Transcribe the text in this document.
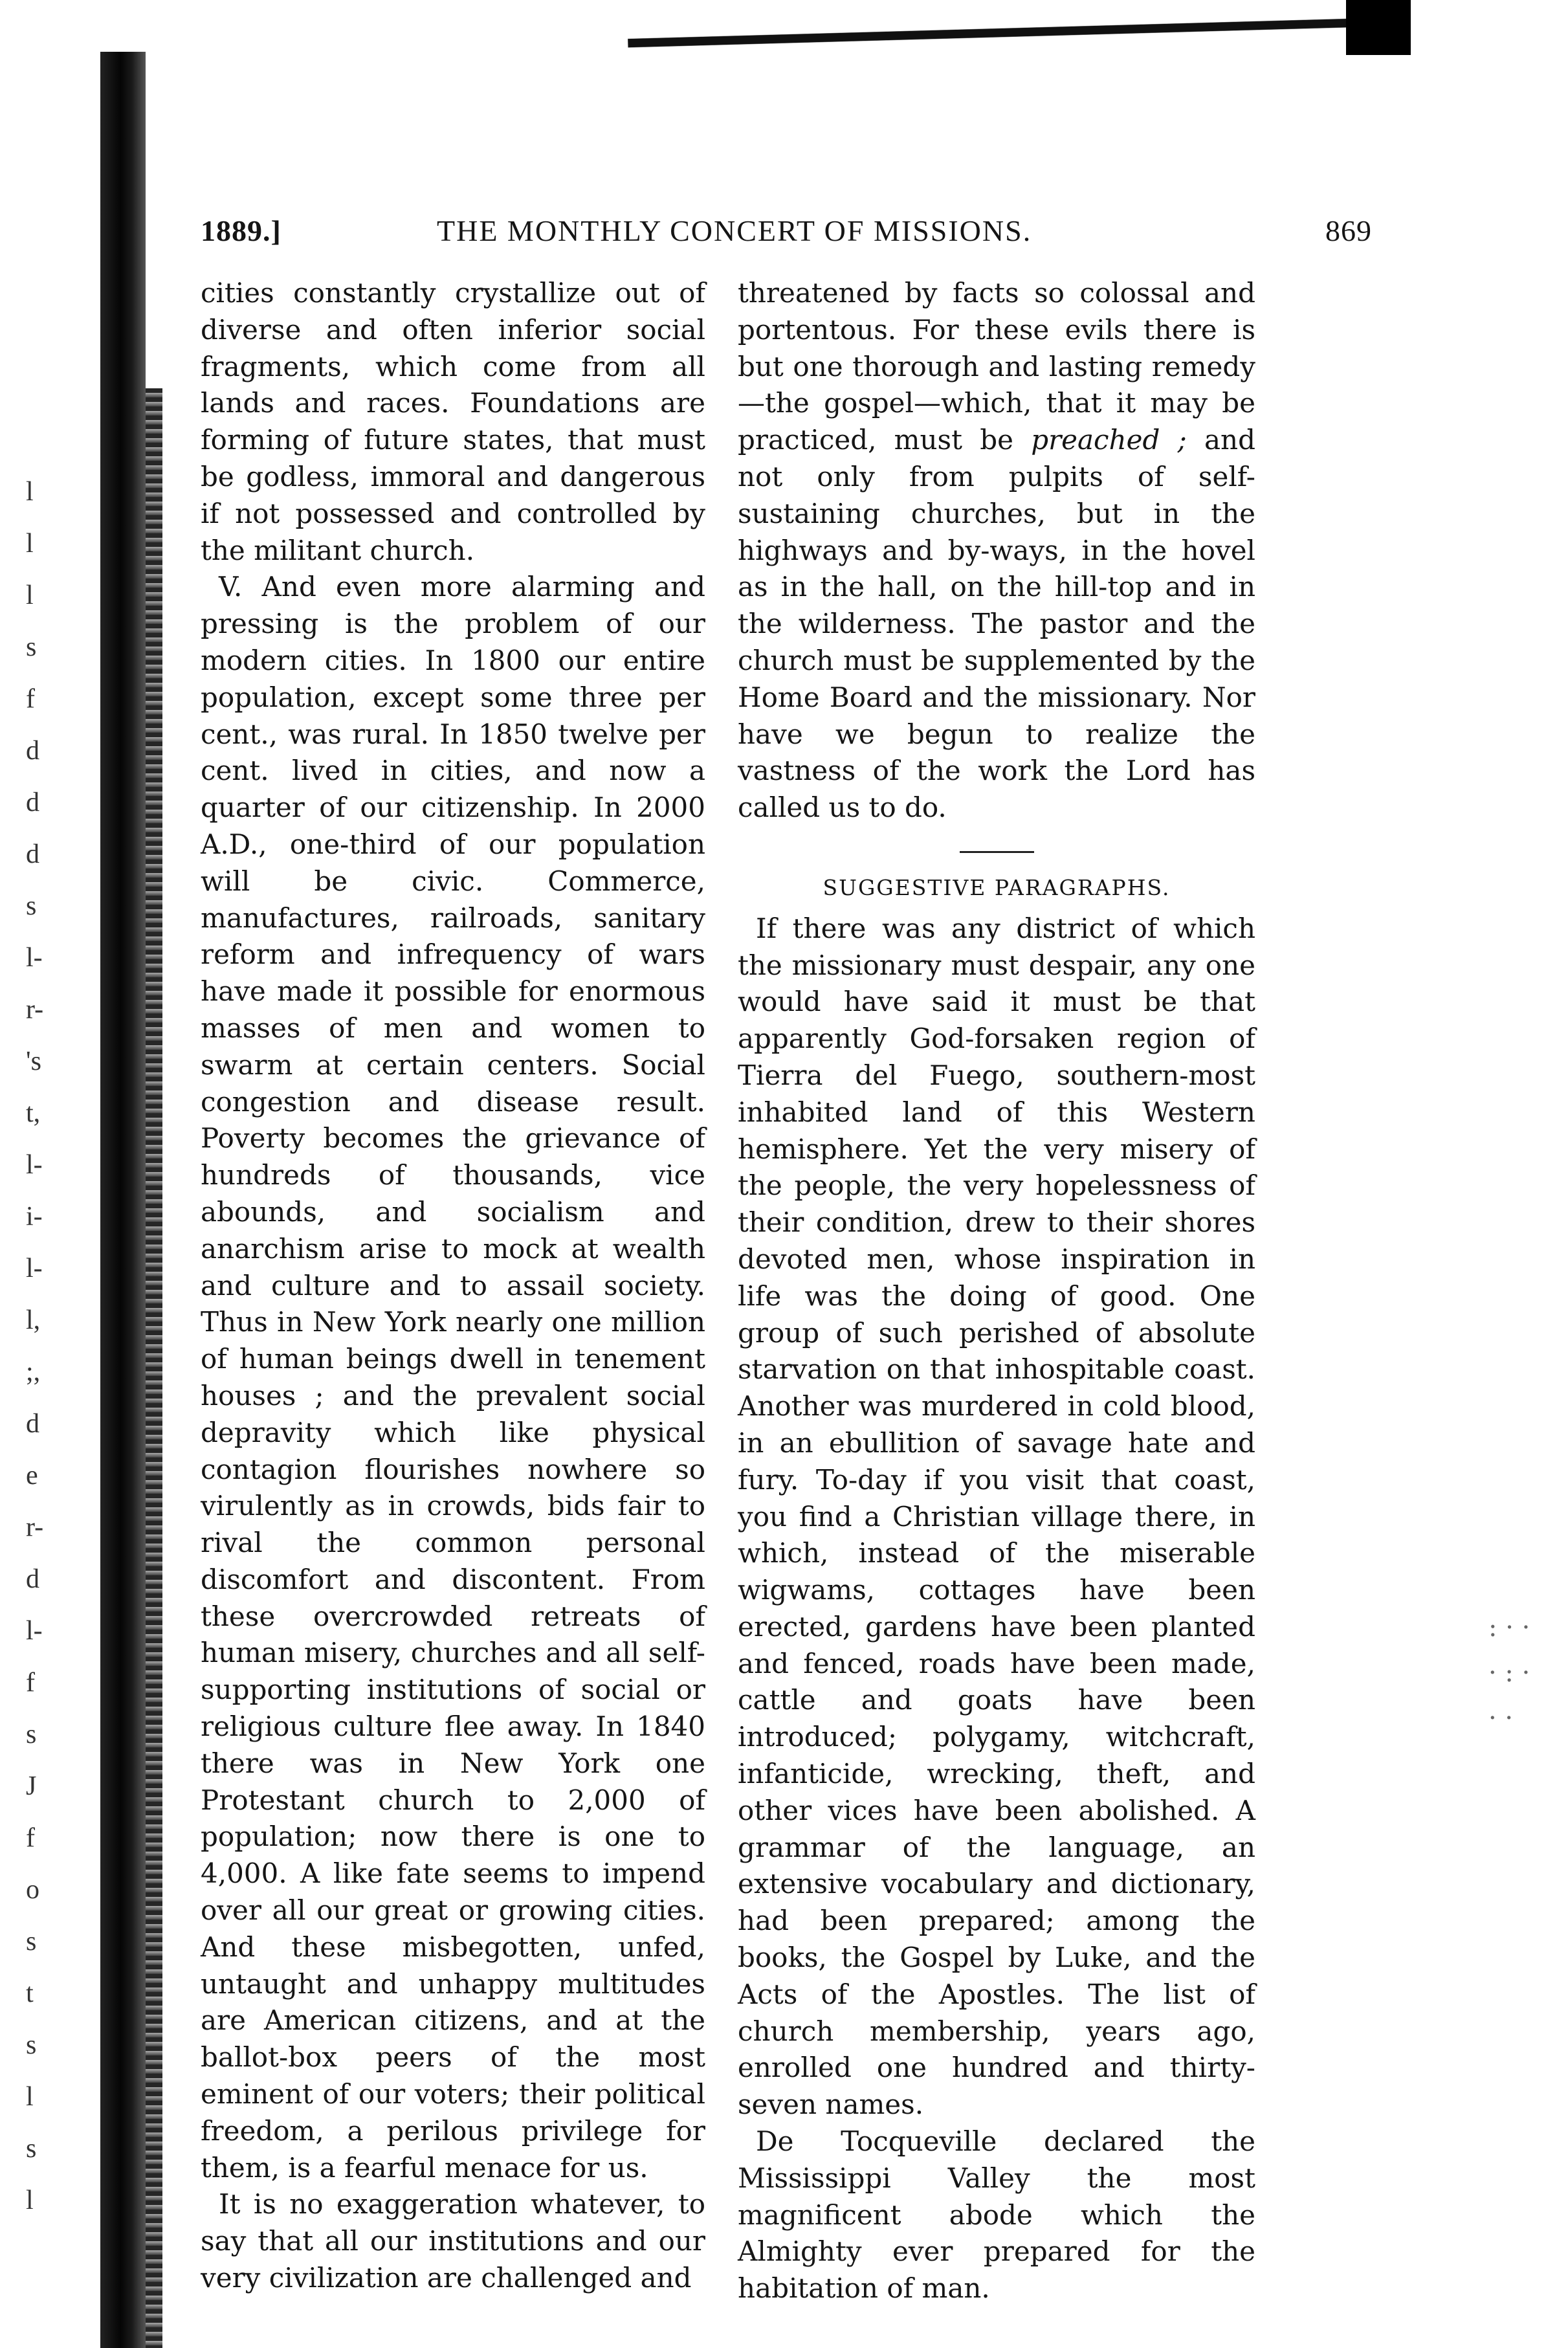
l
l
l
s
f
d
d
d
s
l-
r-
's
t,
l-
i-
l-
l,
;,
d
e
r-
d
l-
f
s
J
f
o
s
t
s
l
s
l
: · ·
· : ·
· ·
1889.]	THE MONTHLY CONCERT OF MISSIONS.	869

cities constantly crystallize out of diverse and often inferior social fragments, which come from all lands and races. Foundations are forming of future states, that must be godless, immoral and dangerous if not possessed and controlled by the militant church.

V. And even more alarming and pressing is the problem of our modern cities. In 1800 our entire population, except some three per cent., was rural. In 1850 twelve per cent. lived in cities, and now a quarter of our citizenship. In 2000 A.D., one-third of our population will be civic. Commerce, manufactures, railroads, sanitary reform and infrequency of wars have made it possible for enormous masses of men and women to swarm at certain centers. Social congestion and disease result. Poverty becomes the grievance of hundreds of thousands, vice abounds, and socialism and anarchism arise to mock at wealth and culture and to assail society. Thus in New York nearly one million of human beings dwell in tenement houses ; and the prevalent social depravity which like physical contagion flourishes nowhere so virulently as in crowds, bids fair to rival the common personal discomfort and discontent. From these overcrowded retreats of human misery, churches and all self-supporting institutions of social or religious culture flee away. In 1840 there was in New York one Protestant church to 2,000 of population; now there is one to 4,000. A like fate seems to impend over all our great or growing cities. And these misbegotten, unfed, untaught and unhappy multitudes are American citizens, and at the ballot-box peers of the most eminent of our voters; their political freedom, a perilous privilege for them, is a fearful menace for us.

It is no exaggeration whatever, to say that all our institutions and our very civilization are challenged and

threatened by facts so colossal and portentous. For these evils there is but one thorough and lasting remedy—the gospel—which, that it may be practiced, must be preached ; and not only from pulpits of self-sustaining churches, but in the highways and by-ways, in the hovel as in the hall, on the hill-top and in the wilderness. The pastor and the church must be supplemented by the Home Board and the missionary. Nor have we begun to realize the vastness of the work the Lord has called us to do.

SUGGESTIVE PARAGRAPHS.

If there was any district of which the missionary must despair, any one would have said it must be that apparently God-forsaken region of Tierra del Fuego, southern-most inhabited land of this Western hemisphere. Yet the very misery of the people, the very hopelessness of their condition, drew to their shores devoted men, whose inspiration in life was the doing of good. One group of such perished of absolute starvation on that inhospitable coast. Another was murdered in cold blood, in an ebullition of savage hate and fury. To-day if you visit that coast, you find a Christian village there, in which, instead of the miserable wigwams, cottages have been erected, gardens have been planted and fenced, roads have been made, cattle and goats have been introduced; polygamy, witchcraft, infanticide, wrecking, theft, and other vices have been abolished. A grammar of the language, an extensive vocabulary and dictionary, had been prepared; among the books, the Gospel by Luke, and the Acts of the Apostles. The list of church membership, years ago, enrolled one hundred and thirty-seven names.

De Tocqueville declared the Mississippi Valley the most magnificent abode which the Almighty ever prepared for the habitation of man.
